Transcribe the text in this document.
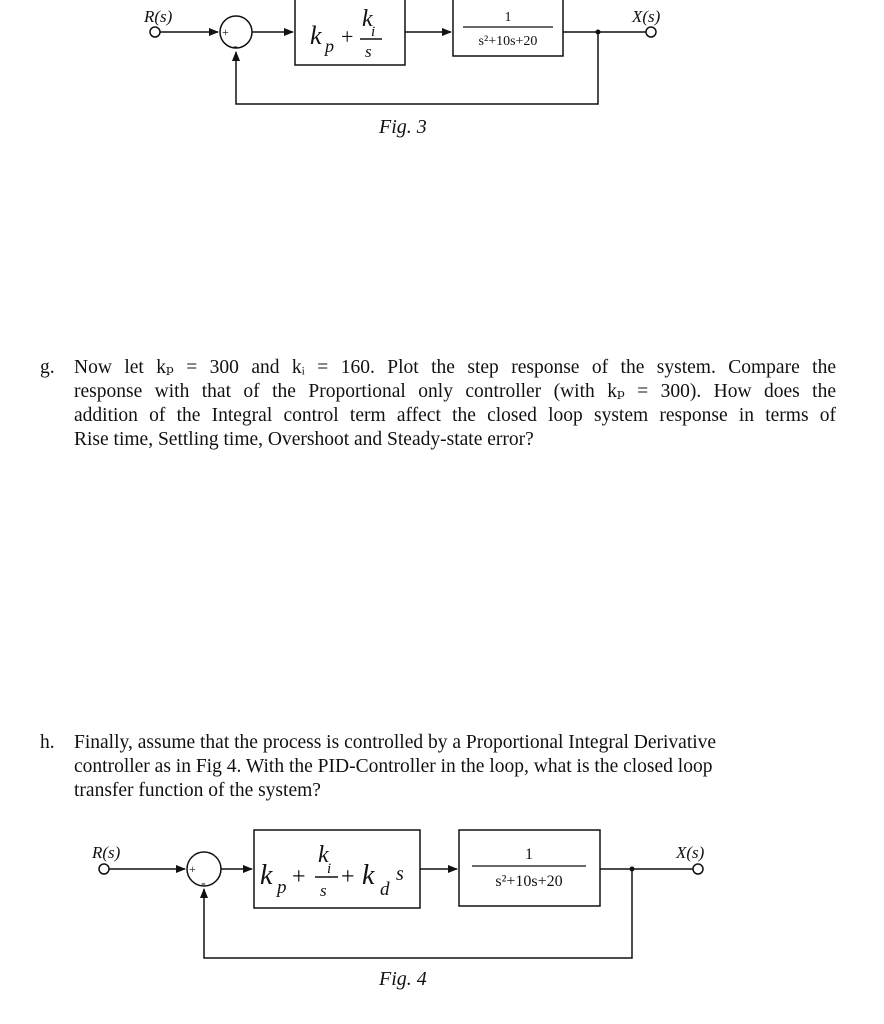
R(s)
+
-	k p +
k
i
s
1
s²+10s+20
X(s)
R(s)
+
- k p +
k
i
s
+ k d
s
1
s²+10s+20
X(s)
Fig. 3
Fig. 4
g. Now let kₚ = 300 and kᵢ = 160. Plot the step response of the system. Compare the
response with that of the Proportional only controller (with kₚ = 300). How does the
addition of the Integral control term affect the closed loop system response in terms of
Rise time, Settling time, Overshoot and Steady-state error?
h. Finally, assume that the process is controlled by a Proportional Integral Derivative
controller as in Fig 4. With the PID-Controller in the loop, what is the closed loop
transfer function of the system?
